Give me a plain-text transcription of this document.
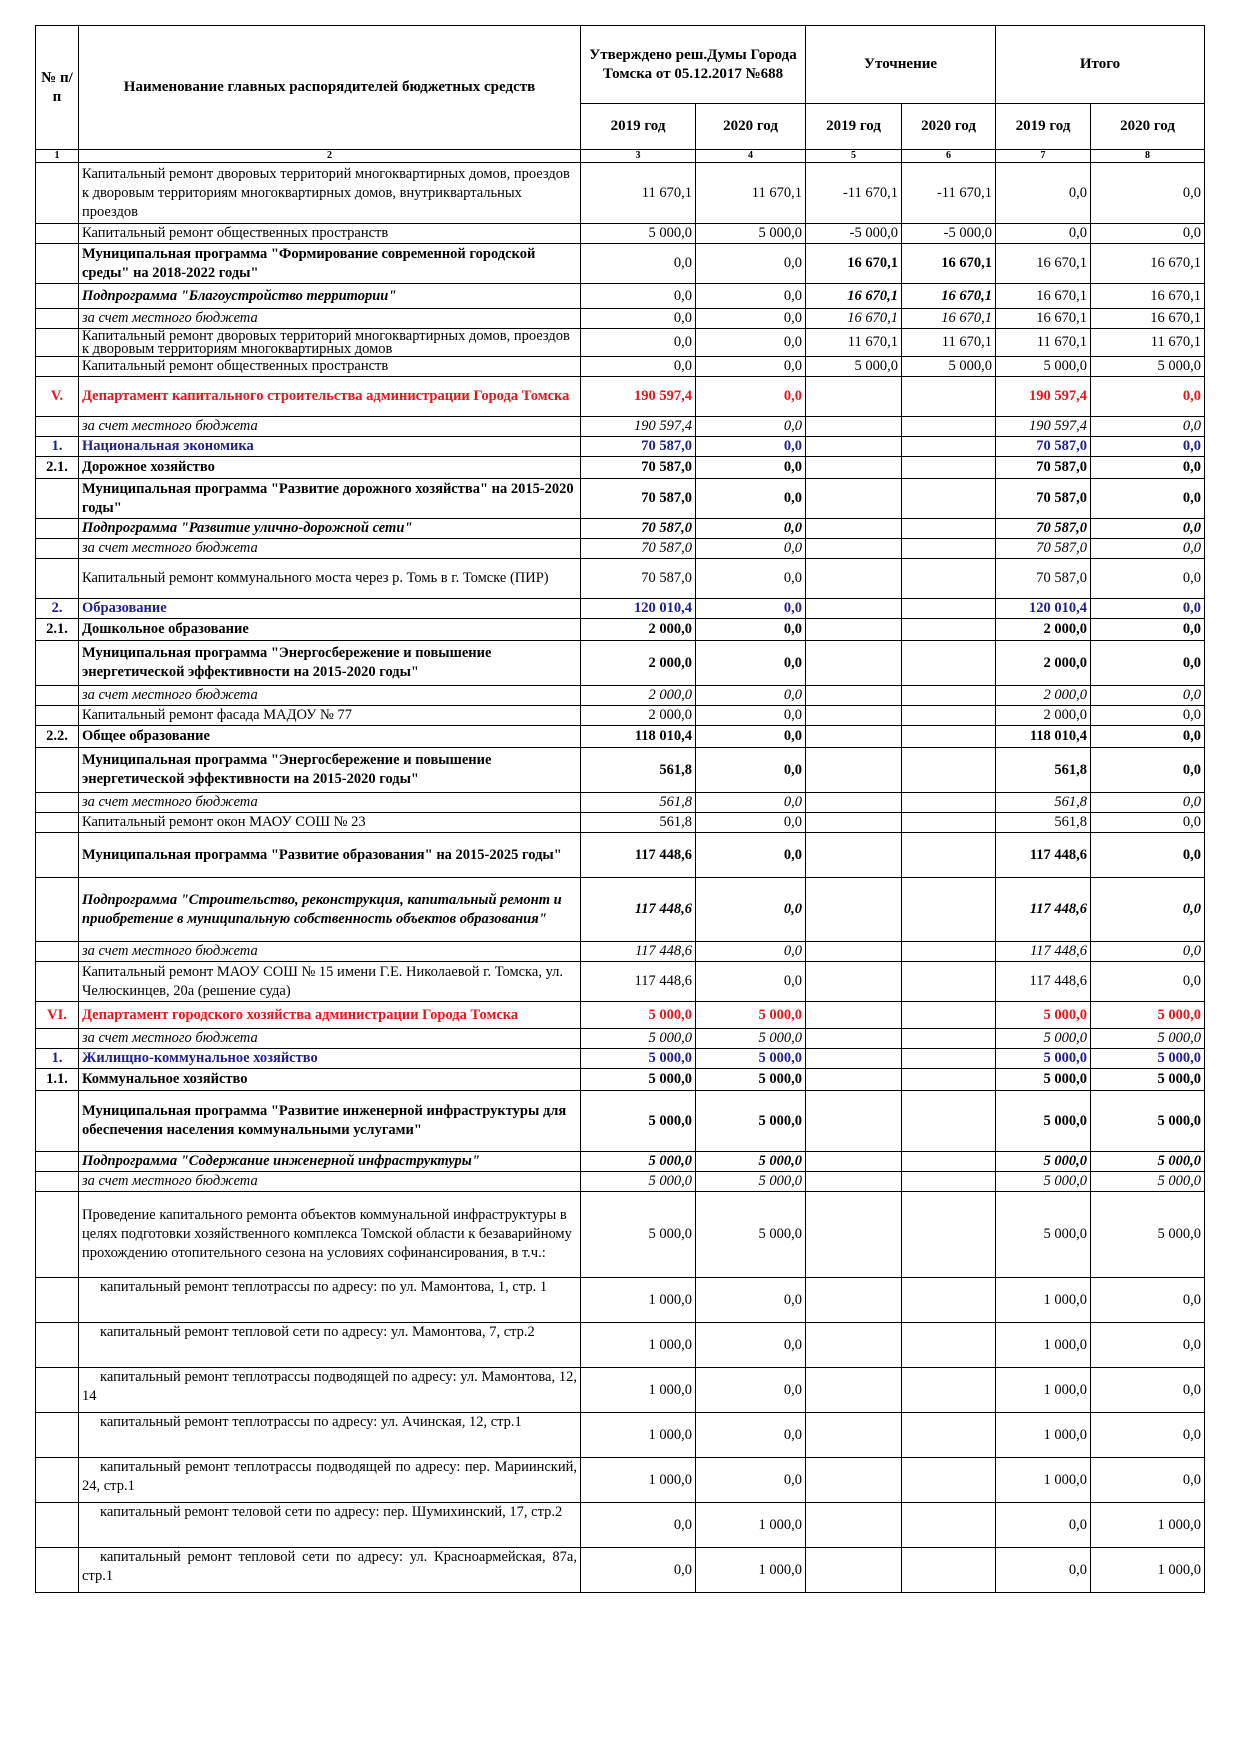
№ п/п	Наименование главных распорядителей бюджетных средств	Утверждено реш.Думы Города Томска от 05.12.2017 №688		Уточнение		Итого	
		2019 год	2020 год	2019 год	2020 год	2019 год	2020 год
1	2	3	4	5	6	7	8
	Капитальный ремонт дворовых территорий многоквартирных домов, проездов к дворовым территориям многоквартирных домов, внутриквартальных проездов	11 670,1	11 670,1	-11 670,1	-11 670,1	0,0	0,0
	Капитальный ремонт общественных пространств	5 000,0	5 000,0	-5 000,0	-5 000,0	0,0	0,0
	Муниципальная программа "Формирование современной городской среды" на 2018-2022 годы"	0,0	0,0	16 670,1	16 670,1	16 670,1	16 670,1
	Подпрограмма "Благоустройство территории"	0,0	0,0	16 670,1	16 670,1	16 670,1	16 670,1
	за счет местного бюджета	0,0	0,0	16 670,1	16 670,1	16 670,1	16 670,1

	Капитальный ремонт дворовых территорий многоквартирных домов, проездов к дворовым территориям многоквартирных домов	0,0	0,0	11 670,1	11 670,1	11 670,1	11 670,1
	Капитальный ремонт общественных пространств	0,0	0,0	5 000,0	5 000,0	5 000,0	5 000,0
V.	Департамент капитального строительства администрации Города Томска	190 597,4	0,0			190 597,4	0,0
	за счет местного бюджета	190 597,4	0,0			190 597,4	0,0
1.	Национальная экономика	70 587,0	0,0			70 587,0	0,0
2.1.	Дорожное хозяйство	70 587,0	0,0			70 587,0	0,0
	Муниципальная программа "Развитие дорожного хозяйства" на 2015-2020 годы"	70 587,0	0,0			70 587,0	0,0
	Подпрограмма "Развитие улично-дорожной сети"	70 587,0	0,0			70 587,0	0,0
	за счет местного бюджета	70 587,0	0,0			70 587,0	0,0
	Капитальный ремонт коммунального моста через р. Томь в г. Томске (ПИР)	70 587,0	0,0			70 587,0	0,0
2.	Образование	120 010,4	0,0			120 010,4	0,0
2.1.	Дошкольное образование	2 000,0	0,0			2 000,0	0,0
	Муниципальная программа "Энергосбережение и повышение энергетической эффективности на 2015-2020 годы"	2 000,0	0,0			2 000,0	0,0
	за счет местного бюджета	2 000,0	0,0			2 000,0	0,0
	Капитальный ремонт фасада МАДОУ № 77	2 000,0	0,0			2 000,0	0,0
2.2.	Общее образование	118 010,4	0,0			118 010,4	0,0
	Муниципальная программа "Энергосбережение и повышение энергетической эффективности на 2015-2020 годы"	561,8	0,0			561,8	0,0
	за счет местного бюджета	561,8	0,0			561,8	0,0
	Капитальный ремонт окон МАОУ СОШ № 23	561,8	0,0			561,8	0,0
	Муниципальная программа "Развитие образования" на 2015-2025 годы"	117 448,6	0,0			117 448,6	0,0
	Подпрограмма "Строительство, реконструкция, капитальный ремонт и приобретение в муниципальную собственность объектов образования"	117 448,6	0,0			117 448,6	0,0
	за счет местного бюджета	117 448,6	0,0			117 448,6	0,0
	Капитальный ремонт МАОУ СОШ № 15 имени Г.Е. Николаевой г. Томска, ул. Челюскинцев, 20а (решение суда)	117 448,6	0,0			117 448,6	0,0
VI.	Департамент городского хозяйства администрации Города Томска	5 000,0	5 000,0			5 000,0	5 000,0
	за счет местного бюджета	5 000,0	5 000,0			5 000,0	5 000,0
1.	Жилищно-коммунальное хозяйство	5 000,0	5 000,0			5 000,0	5 000,0
1.1.	Коммунальное хозяйство	5 000,0	5 000,0			5 000,0	5 000,0
	Муниципальная программа "Развитие инженерной инфраструктуры для обеспечения населения коммунальными услугами"	5 000,0	5 000,0			5 000,0	5 000,0
	Подпрограмма "Содержание инженерной инфраструктуры"	5 000,0	5 000,0			5 000,0	5 000,0
	за счет местного бюджета	5 000,0	5 000,0			5 000,0	5 000,0
	Проведение капитального ремонта объектов коммунальной инфраструктуры в целях подготовки хозяйственного комплекса Томской области к безаварийному прохождению отопительного сезона на условиях софинансирования, в т.ч.:	5 000,0	5 000,0			5 000,0	5 000,0
	капитальный ремонт теплотрассы по адресу: по ул. Мамонтова, 1, стр. 1	1 000,0	0,0			1 000,0	0,0
	капитальный ремонт тепловой сети по адресу: ул. Мамонтова, 7, стр.2	1 000,0	0,0			1 000,0	0,0
	капитальный ремонт теплотрассы подводящей по адресу: ул. Мамонтова, 12, 14	1 000,0	0,0			1 000,0	0,0
	капитальный ремонт теплотрассы по адресу: ул. Ачинская, 12, стр.1	1 000,0	0,0			1 000,0	0,0
	капитальный ремонт теплотрассы подводящей по адресу: пер. Мариинский, 24, стр.1	1 000,0	0,0			1 000,0	0,0
	капитальный ремонт теловой сети по адресу: пер. Шумихинский, 17, стр.2	0,0	1 000,0			0,0	1 000,0
	капитальный ремонт тепловой сети по адресу: ул. Красноармейская, 87а, стр.1	0,0	1 000,0			0,0	1 000,0
